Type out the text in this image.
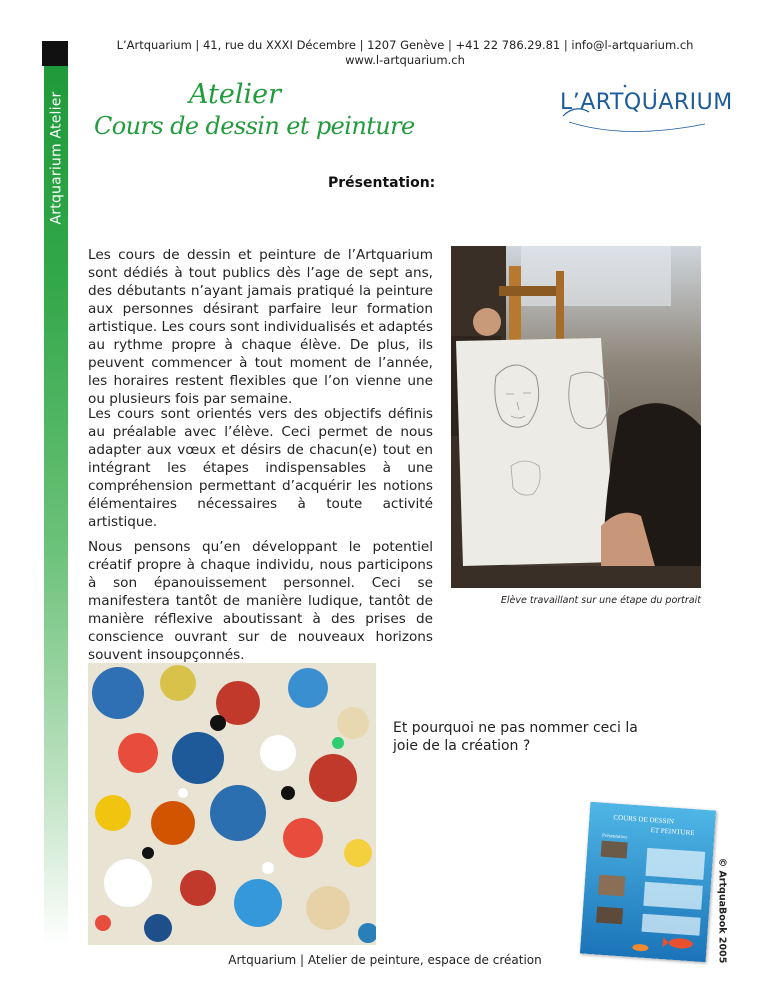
Artquarium Atelier
L’Artquarium | 41, rue du XXXI Décembre | 1207 Genève | +41 22 786.29.81 | info@l-artquarium.ch
www.l-artquarium.ch
Atelier
Cours de dessin et peinture
L’ARTQUARIUM
Présentation:
Les cours de dessin et peinture de l’Artquarium sont dédiés à tout publics dès l’age de sept ans, des débutants n’ayant jamais pratiqué la peinture aux personnes désirant parfaire leur formation artistique. Les cours sont individualisés et adaptés au rythme propre à chaque élève. De plus, ils peuvent commencer à tout moment de l’année, les horaires restent flexibles que l’on vienne une ou plusieurs fois par semaine.
Les cours sont orientés vers des objectifs définis au préalable avec l’élève. Ceci permet de nous adapter aux vœux et désirs de chacun(e) tout en intégrant les étapes indispensables à une compréhension permettant d’acquérir les notions élémentaires nécessaires à toute activité artistique.
Nous pensons qu’en développant le potentiel créatif propre à chaque individu, nous participons à son épanouissement personnel. Ceci se manifestera tantôt de manière ludique, tantôt de manière réflexive aboutissant à des prises de conscience ouvrant sur de nouveaux horizons souvent insoupçonnés.
Elève travaillant sur une étape du portrait
Et pourquoi ne pas nommer ceci la joie de la création ?
COURS DE DESSIN
ET PEINTURE
Présentation
© ArtquaBook 2005
Artquarium | Atelier de peinture, espace de création
